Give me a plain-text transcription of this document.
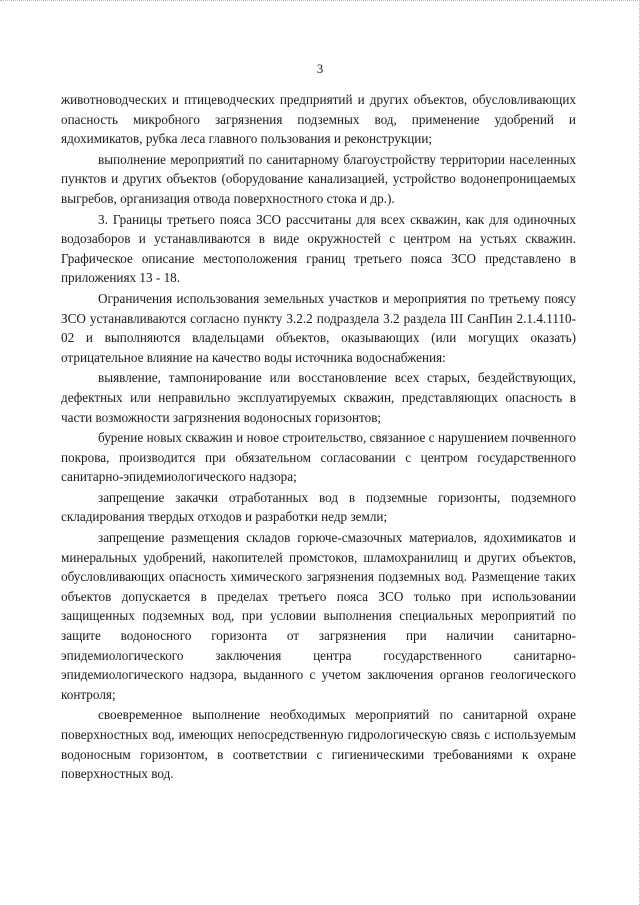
3

животноводческих и птицеводческих предприятий и других объектов, обусловливающих опасность микробного загрязнения подземных вод, применение удобрений и ядохимикатов, рубка леса главного пользования и реконструкции;

выполнение мероприятий по санитарному благоустройству территории населенных пунктов и других объектов (оборудование канализацией, устройство водонепроницаемых выгребов, организация отвода поверхностного стока и др.).

3. Границы третьего пояса ЗСО рассчитаны для всех скважин, как для одиночных водозаборов и устанавливаются в виде окружностей с центром на устьях скважин. Графическое описание местоположения границ третьего пояса ЗСО представлено в приложениях 13 - 18.

Ограничения использования земельных участков и мероприятия по третьему поясу ЗСО устанавливаются согласно пункту 3.2.2 подраздела 3.2 раздела III СанПин 2.1.4.1110-02 и выполняются владельцами объектов, оказывающих (или могущих оказать) отрицательное влияние на качество воды источника водоснабжения:

выявление, тампонирование или восстановление всех старых, бездействующих, дефектных или неправильно эксплуатируемых скважин, представляющих опасность в части возможности загрязнения водоносных горизонтов;

бурение новых скважин и новое строительство, связанное с нарушением почвенного покрова, производится при обязательном согласовании с центром государственного санитарно-эпидемиологического надзора;

запрещение закачки отработанных вод в подземные горизонты, подземного складирования твердых отходов и разработки недр земли;

запрещение размещения складов горюче-смазочных материалов, ядохимикатов и минеральных удобрений, накопителей промстоков, шламохранилищ и других объектов, обусловливающих опасность химического загрязнения подземных вод. Размещение таких объектов допускается в пределах третьего пояса ЗСО только при использовании защищенных подземных вод, при условии выполнения специальных мероприятий по защите водоносного горизонта от загрязнения при наличии санитарно-эпидемиологического заключения центра государственного санитарно-эпидемиологического надзора, выданного с учетом заключения органов геологического контроля;

своевременное выполнение необходимых мероприятий по санитарной охране поверхностных вод, имеющих непосредственную гидрологическую связь с используемым водоносным горизонтом, в соответствии с гигиеническими требованиями к охране поверхностных вод.
